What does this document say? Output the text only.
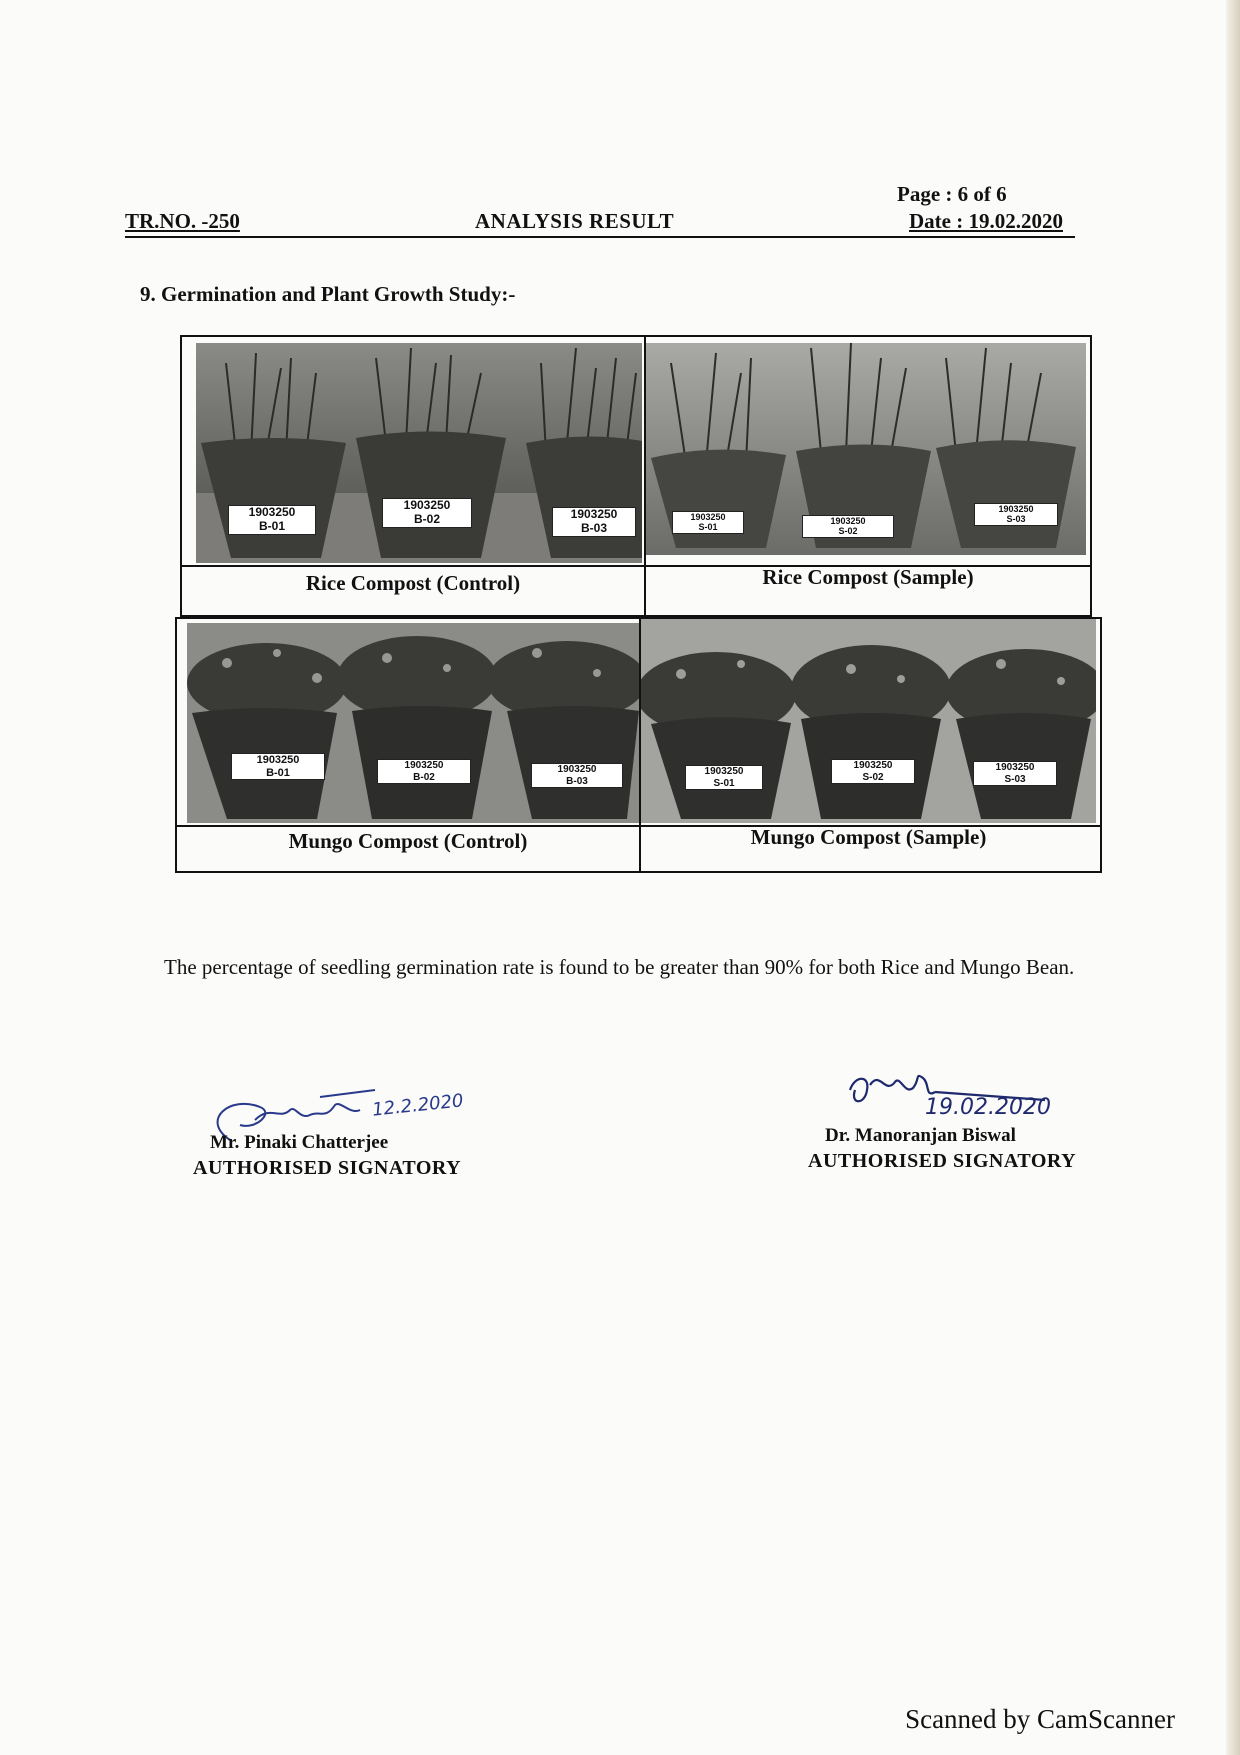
TR.NO. -250	ANALYSIS RESULT
Page : 6 of 6
Date : 19.02.2020
9. Germination and Plant Growth Study:-
1903250
B-01
1903250
B-02	1903250
B-03
1903250
S-01
1903250
S-02
1903250
S-03
Rice Compost (Control)	Rice Compost (Sample)
1903250
B-01
1903250
B-02
1903250
B-03
1903250
S-01
1903250
S-02
1903250
S-03
Mungo Compost (Control)	Mungo Compost (Sample)
The percentage of seedling germination rate is found to be greater than 90% for both Rice and Mungo Bean.
12.2.2020
Mr. Pinaki Chatterjee
AUTHORISED SIGNATORY
19.02.2020
Dr. Manoranjan Biswal
AUTHORISED SIGNATORY
Scanned by CamScanner
